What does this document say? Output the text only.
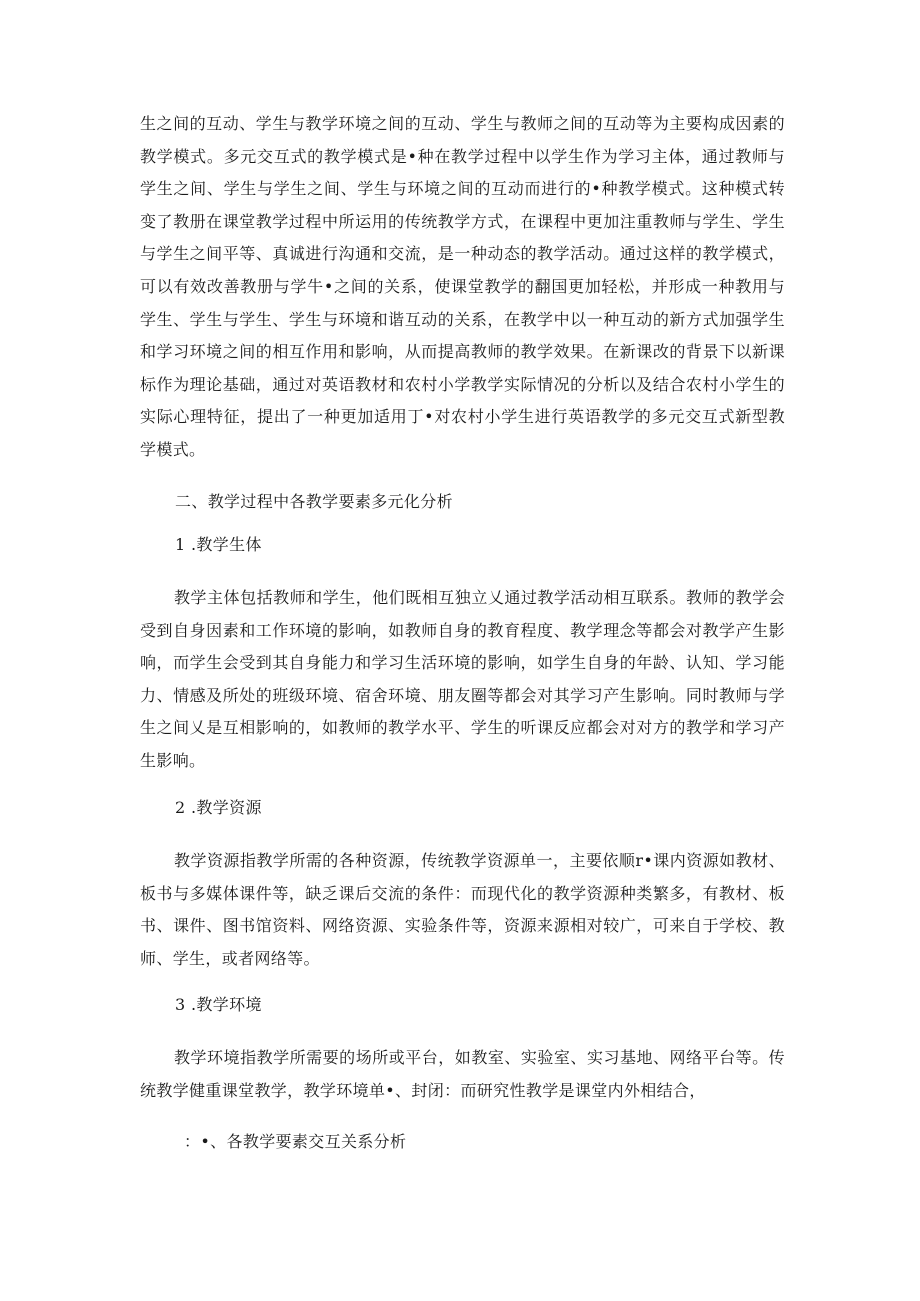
生之间的互动、学生与教学环境之间的互动、学生与教师之间的互动等为主要构成因素的教学模式。多元交互式的教学模式是•种在教学过程中以学生作为学习主体，通过教师与学生之间、学生与学生之间、学生与环境之间的互动而进行的•种教学模式。这种模式转变了教册在课堂教学过程中所运用的传统教学方式，在课程中更加注重教师与学生、学生与学生之间平等、真诚进行沟通和交流，是一种动态的教学活动。通过这样的教学模式，可以有效改善教册与学牛•之间的关系，使课堂教学的翻国更加轻松，并形成一种教用与学生、学生与学生、学生与环境和谐互动的关系，在教学中以一种互动的新方式加强学生和学习环境之间的相互作用和影响，从而提高教师的教学效果。在新课改的背景下以新课标作为理论基础，通过对英语教材和农村小学教学实际情况的分析以及结合农村小学生的实际心理特征，提出了一种更加适用丁•对农村小学生进行英语教学的多元交互式新型教学模式。

二、教学过程中各教学要素多元化分析

1 .教学生体

教学主体包括教师和学生，他们既相互独立乂通过教学活动相互联系。教师的教学会受到自身因素和工作环境的影响，如教师自身的教育程度、教学理念等都会对教学产生影响，而学生会受到其自身能力和学习生活环境的影响，如学生自身的年龄、认知、学习能力、情感及所处的班级环境、宿舍环境、朋友圈等都会对其学习产生影响。同时教师与学生之间乂是互相影响的，如教师的教学水平、学生的听课反应都会对对方的教学和学习产生影响。

2 .教学资源

教学资源指教学所需的各种资源，传统教学资源单一，主要依顺r•课内资源如教材、板书与多媒体课件等，缺乏课后交流的条件：而现代化的教学资源种类繁多，有教材、板书、课件、图书馆资料、网络资源、实验条件等，资源来源相对较广，可来自于学校、教师、学生，或者网络等。

3 .教学环境

教学环境指教学所需要的场所或平台，如教室、实验室、实习基地、网络平台等。传统教学健重课堂教学，教学环境单•、封闭：而研究性教学是课堂内外相结合，

：•、各教学要素交互关系分析
